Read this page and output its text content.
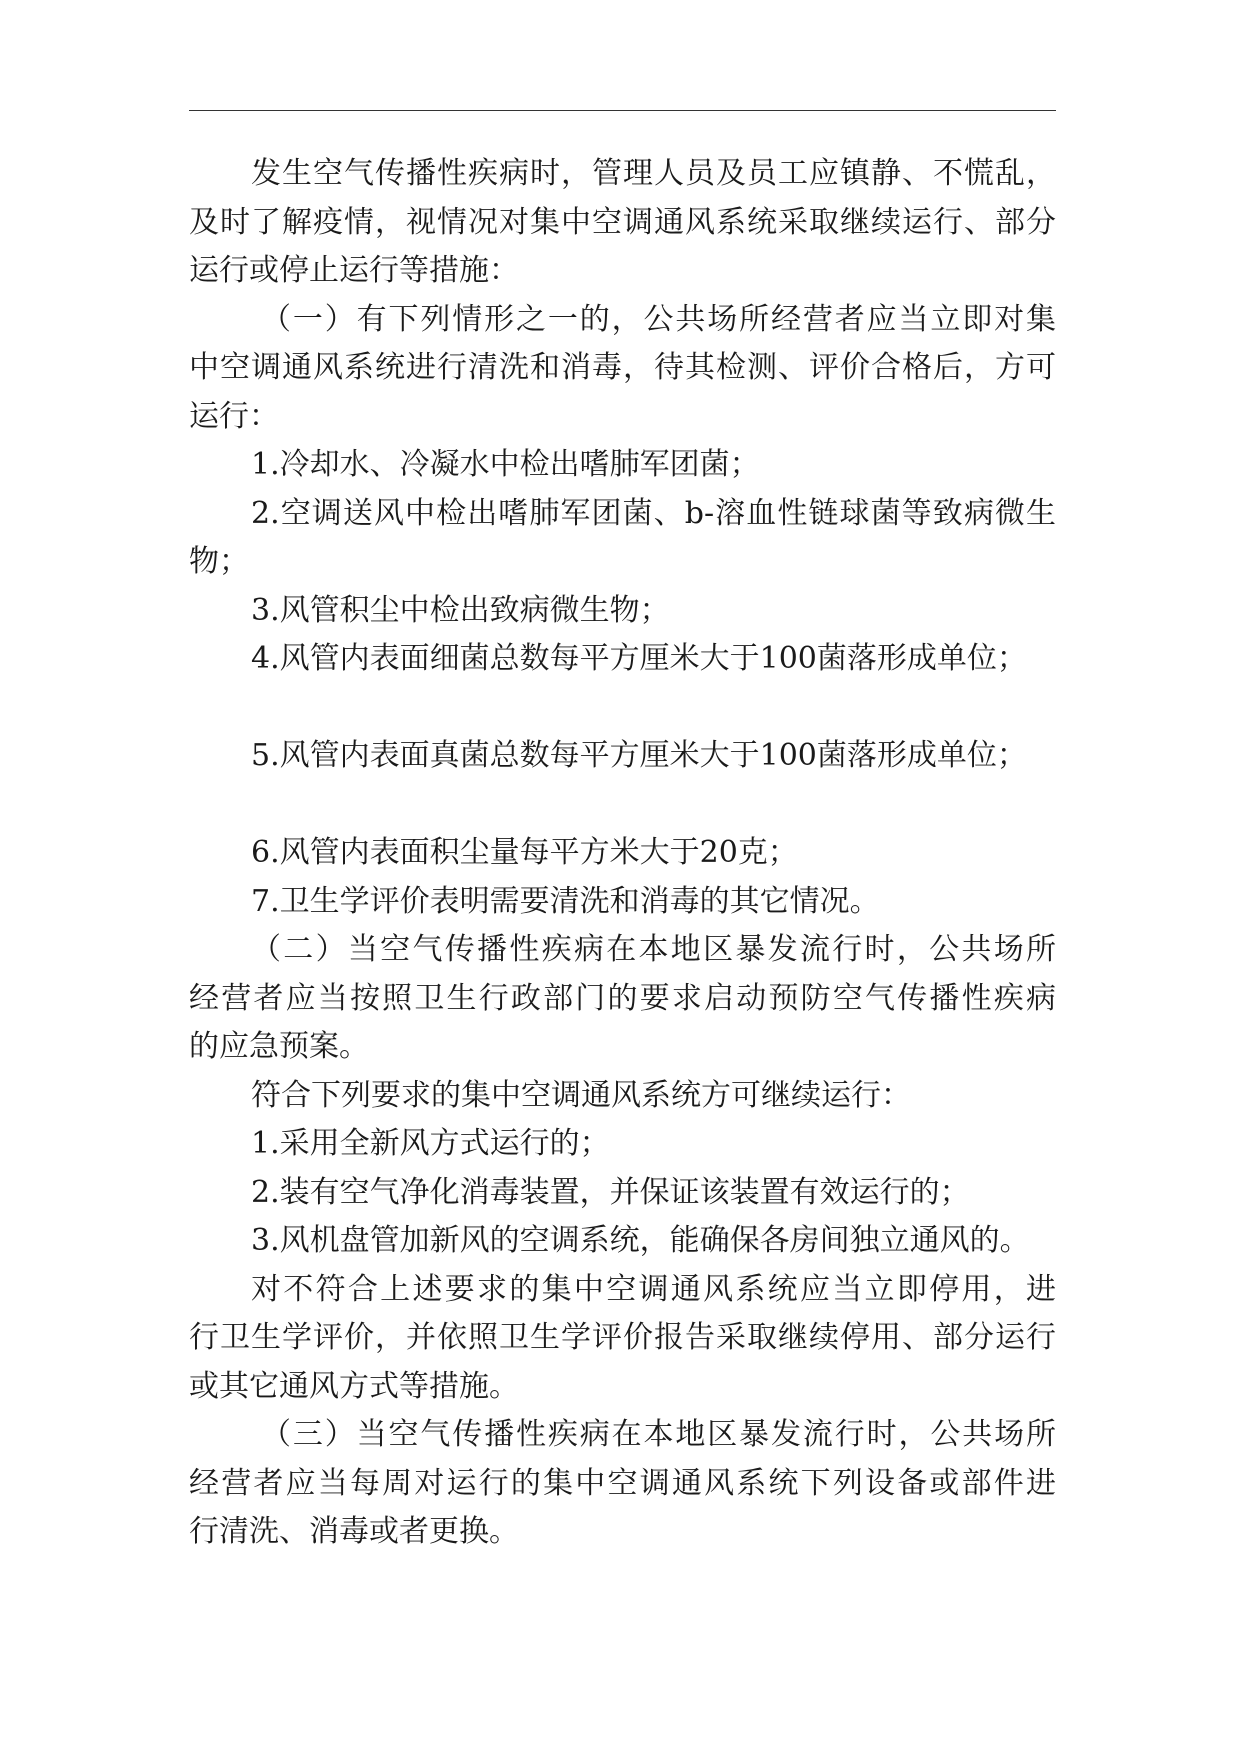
发生空气传播性疾病时，管理人员及员工应镇静、不慌乱，
及时了解疫情，视情况对集中空调通风系统采取继续运行、部分
运行或停止运行等措施：
（一）有下列情形之一的，公共场所经营者应当立即对集
中空调通风系统进行清洗和消毒，待其检测、评价合格后，方可
运行：
1.冷却水、冷凝水中检出嗜肺军团菌；
2.空调送风中检出嗜肺军团菌、b-溶血性链球菌等致病微生
物；
3.风管积尘中检出致病微生物；
4.风管内表面细菌总数每平方厘米大于100菌落形成单位；
5.风管内表面真菌总数每平方厘米大于100菌落形成单位；
6.风管内表面积尘量每平方米大于20克；
7.卫生学评价表明需要清洗和消毒的其它情况。
（二）当空气传播性疾病在本地区暴发流行时，公共场所
经营者应当按照卫生行政部门的要求启动预防空气传播性疾病
的应急预案。
符合下列要求的集中空调通风系统方可继续运行：
1.采用全新风方式运行的；
2.装有空气净化消毒装置，并保证该装置有效运行的；
3.风机盘管加新风的空调系统，能确保各房间独立通风的。
对不符合上述要求的集中空调通风系统应当立即停用，进
行卫生学评价，并依照卫生学评价报告采取继续停用、部分运行
或其它通风方式等措施。
（三）当空气传播性疾病在本地区暴发流行时，公共场所
经营者应当每周对运行的集中空调通风系统下列设备或部件进
行清洗、消毒或者更换。
